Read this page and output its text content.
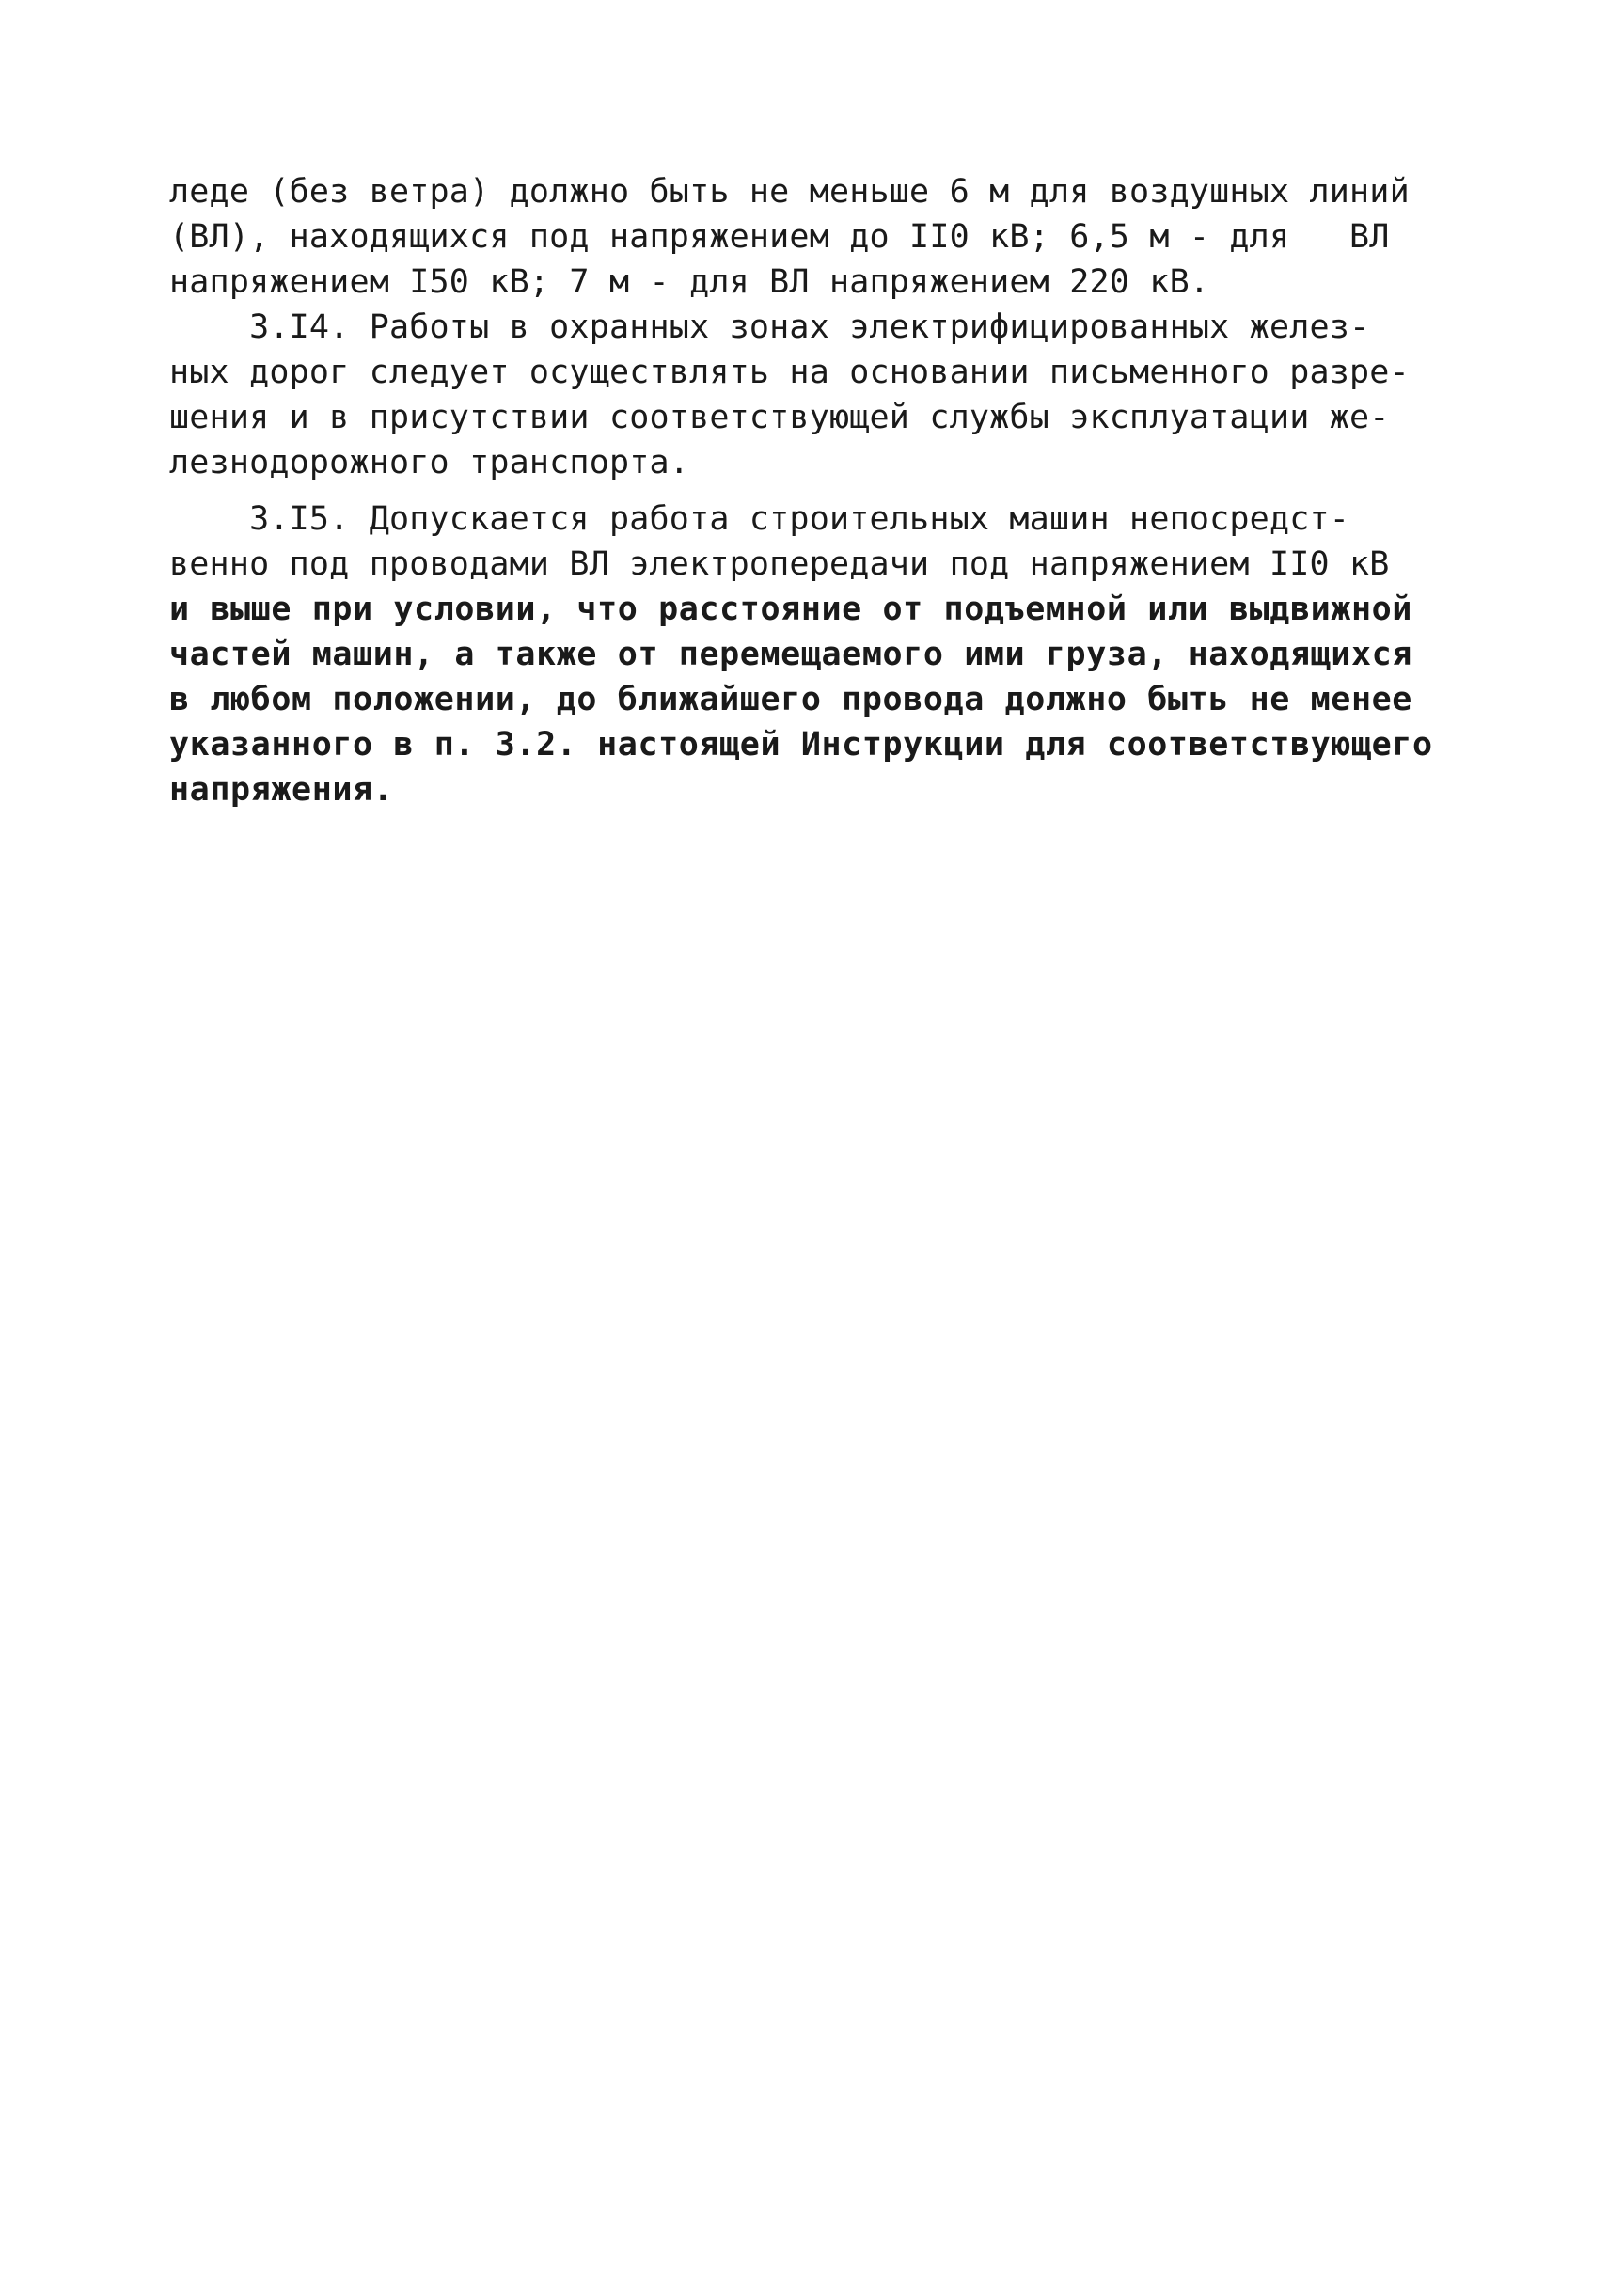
леде (без ветра) должно быть не меньше 6 м для воздушных линий
(ВЛ), находящихся под напряжением до II0 кВ; 6,5 м - для   ВЛ
напряжением I50 кВ; 7 м - для ВЛ напряжением 220 кВ.
3.I4. Работы в охранных зонах электрифицированных желез-
ных дорог следует осуществлять на основании письменного разре-
шения и в присутствии соответствующей службы эксплуатации же-
лезнодорожного транспорта.
3.I5. Допускается работа строительных машин непосредст-
венно под проводами ВЛ электропередачи под напряжением II0 кВ
и выше при условии, что расстояние от подъемной или выдвижной
частей машин, а также от перемещаемого ими груза, находящихся
в любом положении, до ближайшего провода должно быть не менее
указанного в п. 3.2. настоящей Инструкции для соответствующего
напряжения.
